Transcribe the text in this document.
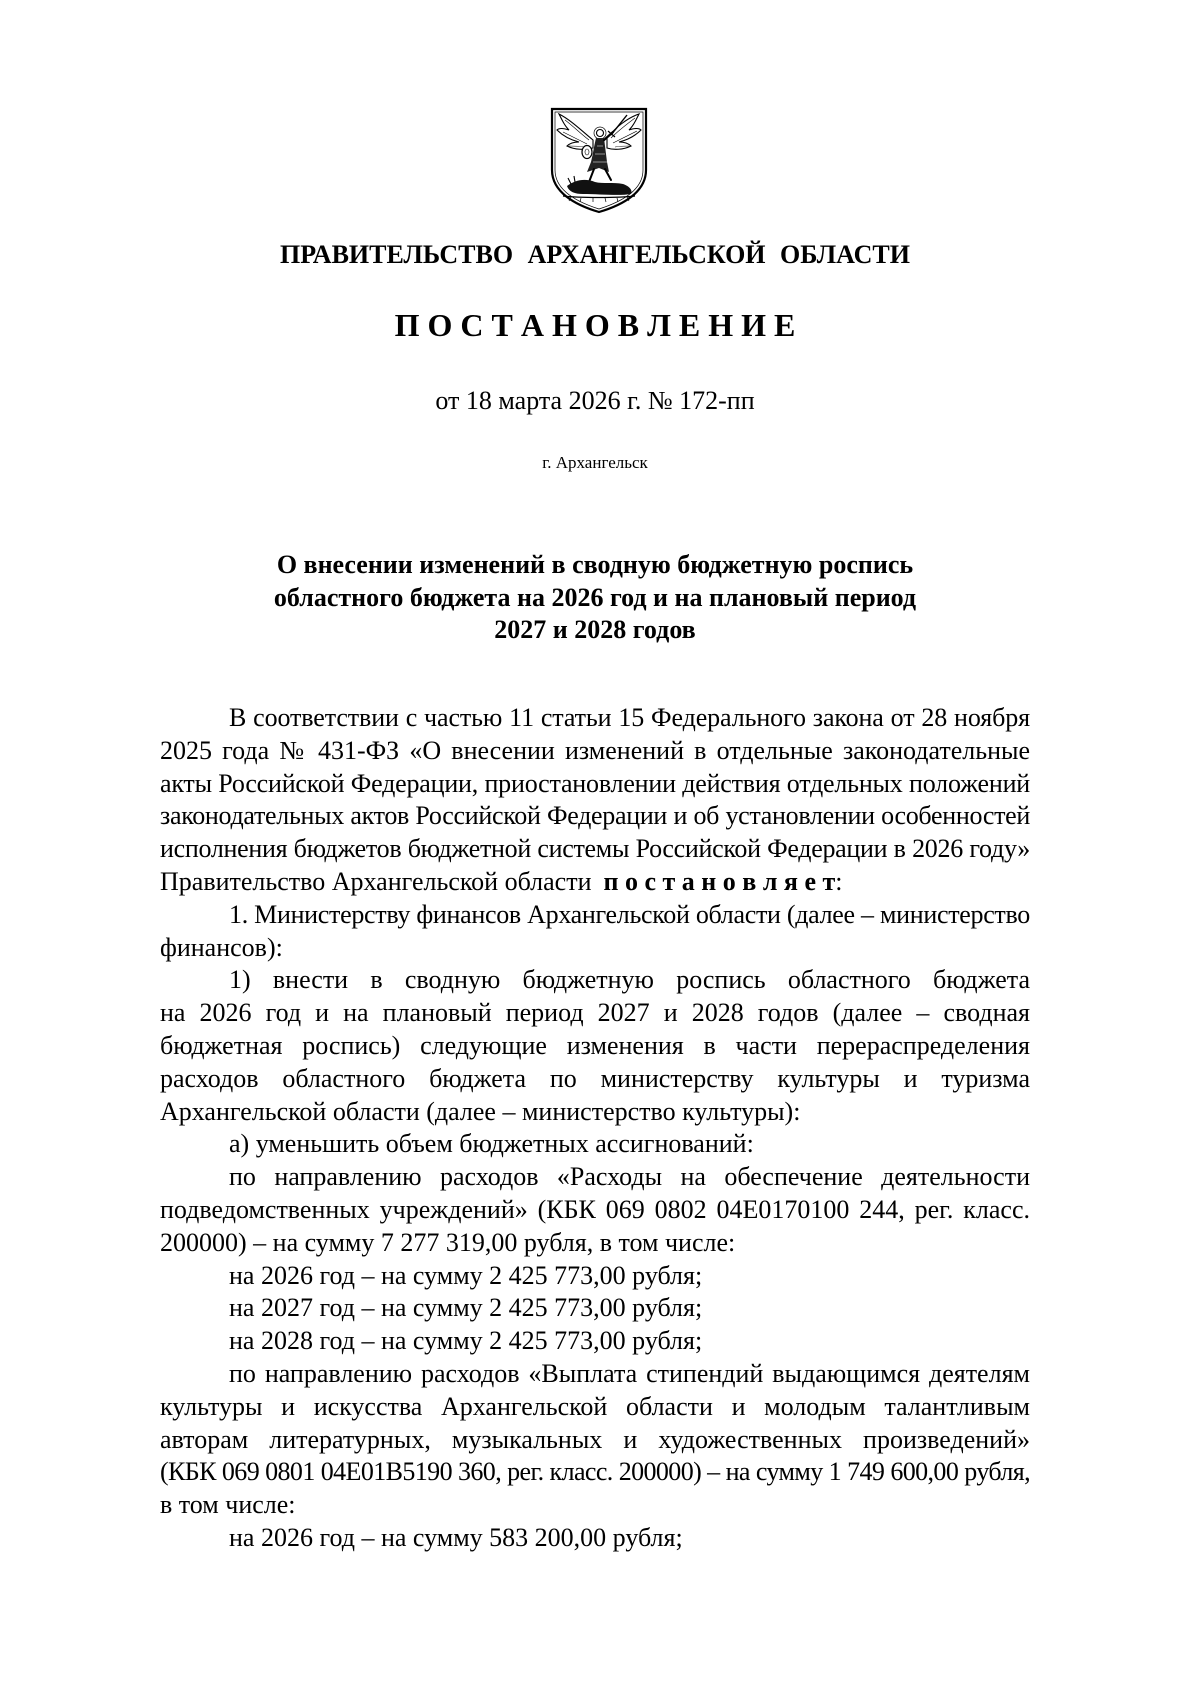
ПРАВИТЕЛЬСТВО АРХАНГЕЛЬСКОЙ ОБЛАСТИ
П О С Т А Н О В Л Е Н И Е
от 18 марта 2026 г. № 172-пп
г. Архангельск
О внесении изменений в сводную бюджетную роспись
областного бюджета на 2026 год и на плановый период
2027 и 2028 годов
В соответствии с частью 11 статьи 15 Федерального закона от 28 ноября
2025 года № 431-ФЗ «О внесении изменений в отдельные законодательные
акты Российской Федерации, приостановлении действия отдельных положений
законодательных актов Российской Федерации и об установлении особенностей
исполнения бюджетов бюджетной системы Российской Федерации в 2026 году»
Правительство Архангельской области п о с т а н о в л я е т:
1. Министерству финансов Архангельской области (далее – министерство
финансов):
1) внести в сводную бюджетную роспись областного бюджета
на 2026 год и на плановый период 2027 и 2028 годов (далее – сводная
бюджетная роспись) следующие изменения в части перераспределения
расходов областного бюджета по министерству культуры и туризма
Архангельской области (далее – министерство культуры):
а) уменьшить объем бюджетных ассигнований:
по направлению расходов «Расходы на обеспечение деятельности
подведомственных учреждений» (КБК 069 0802 04Е0170100 244, рег. класс.
200000) – на сумму 7 277 319,00 рубля, в том числе:
на 2026 год – на сумму 2 425 773,00 рубля;
на 2027 год – на сумму 2 425 773,00 рубля;
на 2028 год – на сумму 2 425 773,00 рубля;
по направлению расходов «Выплата стипендий выдающимся деятелям
культуры и искусства Архангельской области и молодым талантливым
авторам литературных, музыкальных и художественных произведений»
(КБК 069 0801 04Е01В5190 360, рег. класс. 200000) – на сумму 1 749 600,00 рубля,
в том числе:
на 2026 год – на сумму 583 200,00 рубля;
